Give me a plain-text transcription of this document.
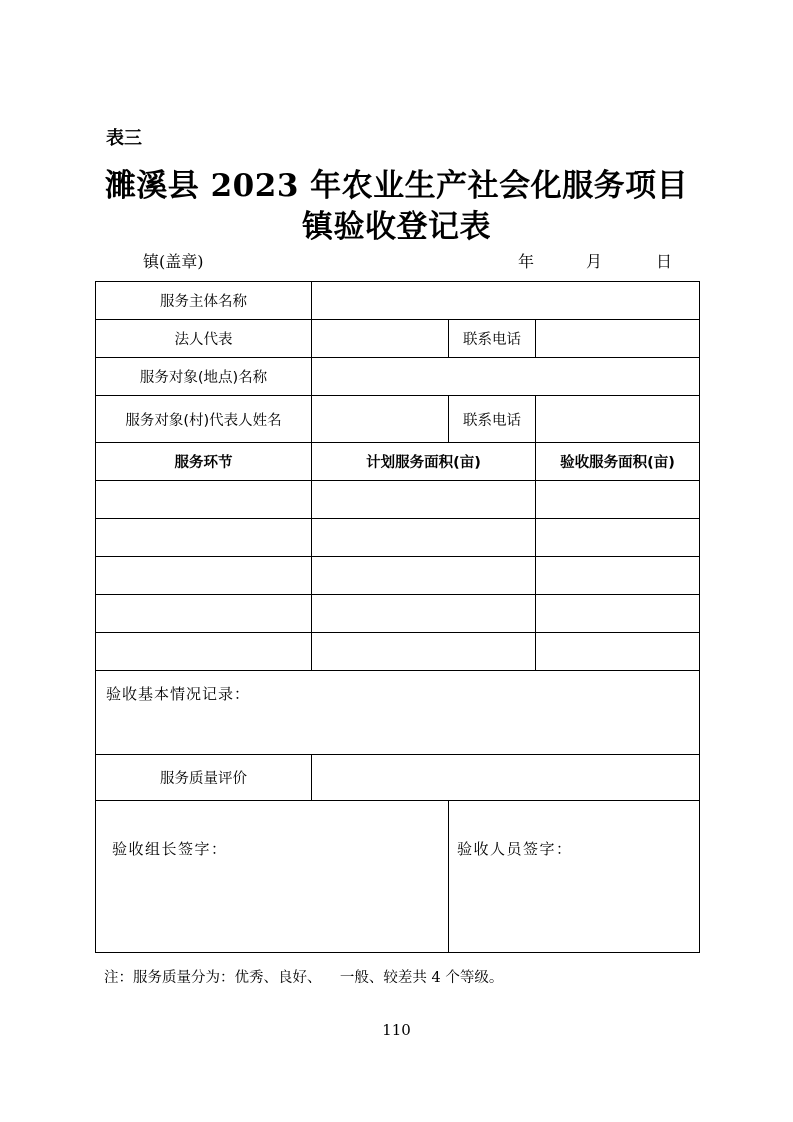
表三
濉溪县 2023 年农业生产社会化服务项目
镇验收登记表
镇(盖章)	年	月	日
服务主体名称			
法人代表		联系电话	
服务对象(地点)名称			
服务对象(村)代表人姓名		联系电话	
服务环节	计划服务面积(亩)		验收服务面积(亩)

验收基本情况记录：			
服务质量评价			

验收组长签字：		验收人员签字：	
注：服务质量分为：优秀、良好、    一般、较差共 4 个等级。
110
